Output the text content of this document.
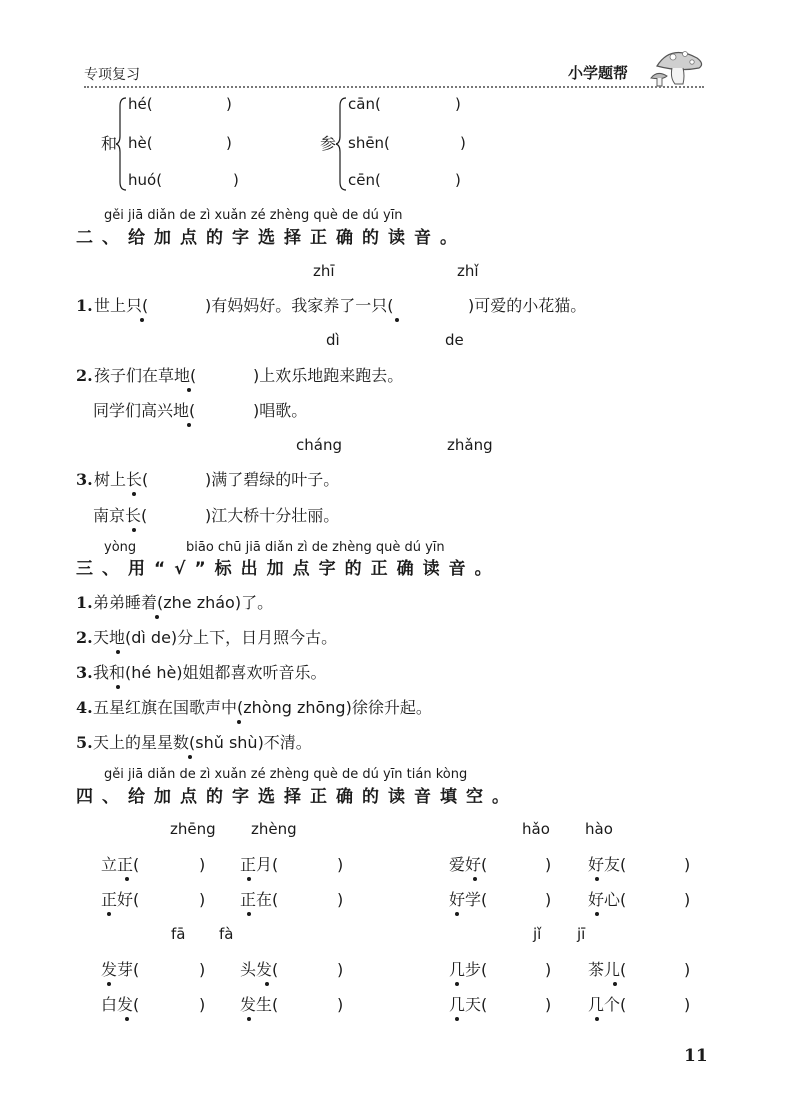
专项复习	小学题帮
和
hé(	)
hè(	)
huó(	)
参
cān(	)
shēn(	)
cēn(	)
gěi jiā diǎn de zì xuǎn zé zhèng què de dú yīn
二、给加点的字选择正确的读音。
zhī	zhǐ
1. 世上只(	)有妈妈好。我家养了一只(	)可爱的小花猫。
dì	de
2. 孩子们在草地(	)上欢乐地跑来跑去。
同学们高兴地(	)唱歌。
cháng	zhǎng
3. 树上长(	)满了碧绿的叶子。
南京长(	)江大桥十分壮丽。
yòng	biāo chū jiā diǎn zì de zhèng què dú yīn
三、用“√”标出加点字的正确读音。
1. 弟弟睡着(zhe zháo)了。
2. 天地(dì de)分上下，日月照今古。
3. 我和(hé hè)姐姐都喜欢听音乐。
4. 五星红旗在国歌声中(zhòng zhōng)徐徐升起。
5. 天上的星星数(shǔ shù)不清。
gěi jiā diǎn de zì xuǎn zé zhèng què de dú yīn tián kòng
四、给加点的字选择正确的读音填空。
zhēng zhèng	hǎo hào
立正(	) 正月(	)	爱好(	) 好友(	)
正好(	) 正在(	)	好学(	) 好心(	)
fā fà	jǐ jī
发芽(	) 头发(	)	几步(	) 茶儿(	)
白发(	) 发生(	)	几天(	) 几个(	)
11
